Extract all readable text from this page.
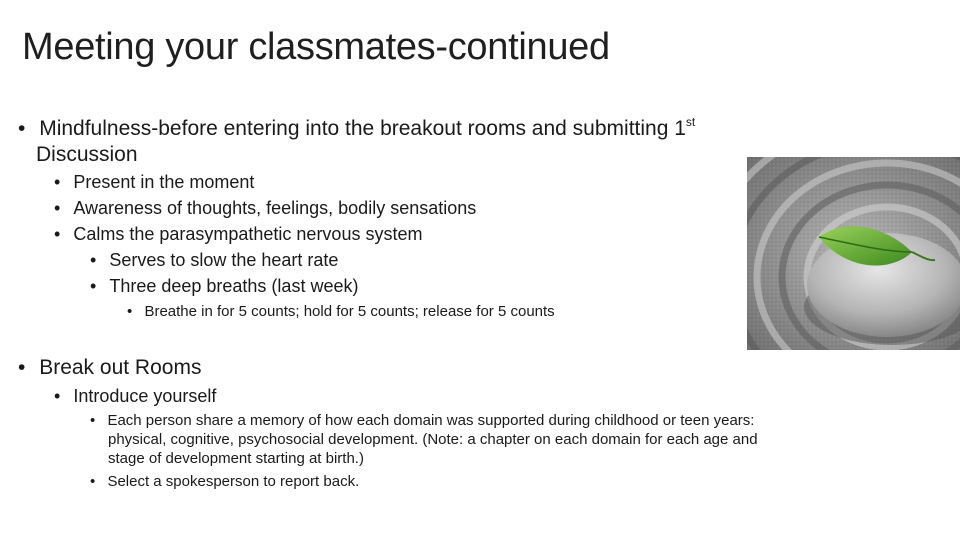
Meeting your classmates-continued
• Mindfulness-before entering into the breakout rooms and submitting 1st
Discussion
• Present in the moment
• Awareness of thoughts, feelings, bodily sensations
• Calms the parasympathetic nervous system
• Serves to slow the heart rate
• Three deep breaths (last week)
• Breathe in for 5 counts; hold for 5 counts; release for 5 counts
• Break out Rooms
• Introduce yourself
• Each person share a memory of how each domain was supported during childhood or teen years:
physical, cognitive, psychosocial development. (Note: a chapter on each domain for each age and
stage of development starting at birth.)
• Select a spokesperson to report back.
